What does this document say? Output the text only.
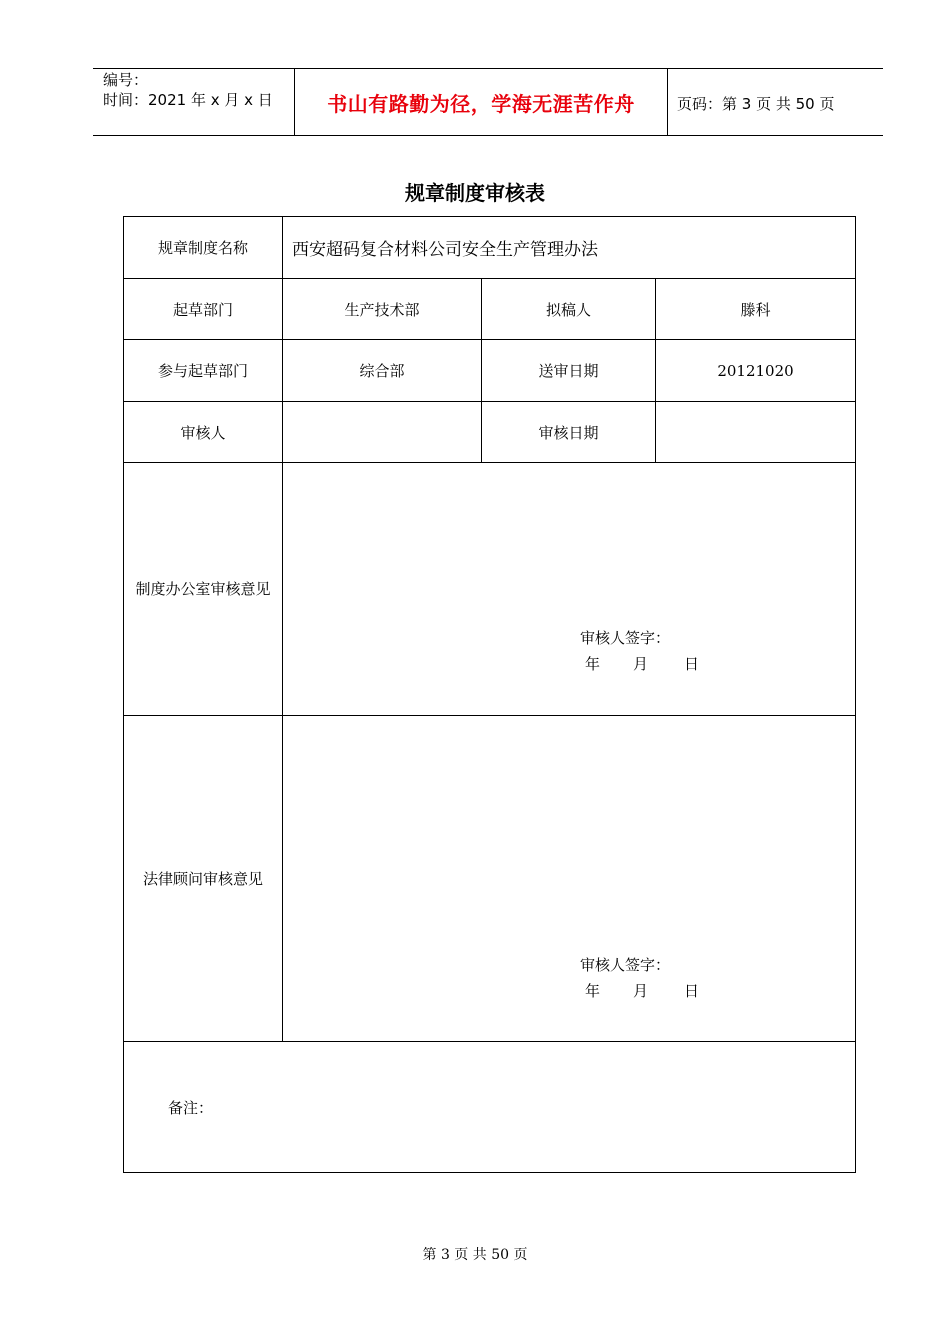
编号：
时间：2021 年 x 月 x 日	书山有路勤为径，学海无涯苦作舟	页码：第 3 页 共 50 页
规章制度审核表
规章制度名称	西安超码复合材料公司安全生产管理办法		
起草部门	生产技术部	拟稿人	滕科
参与起草部门	综合部	送审日期	20121020
审核人		审核日期	
制度办公室审核意见	审核人签字：
年 月 日		

法律顾问审核意见	审核人签字：
年 月 日		

备注：			
第 3 页 共 50 页
